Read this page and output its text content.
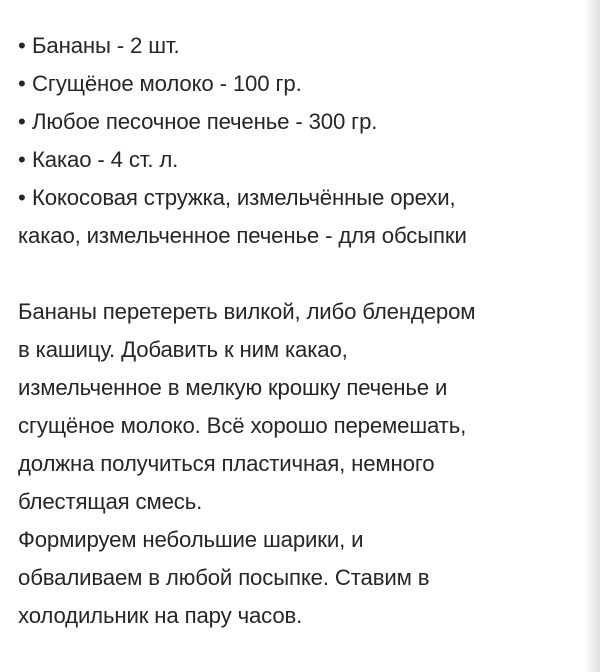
• Бананы - 2 шт.
• Сгущёное молоко - 100 гр.
• Любое песочное печенье - 300 гр.
• Какао - 4 ст. л.
• Кокосовая стружка, измельчённые орехи,
какао, измельченное печенье - для обсыпки
Бананы перетереть вилкой, либо блендером
в кашицу. Добавить к ним какао,
измельченное в мелкую крошку печенье и
сгущёное молоко. Всё хорошо перемешать,
должна получиться пластичная, немного
блестящая смесь.
Формируем небольшие шарики, и
обваливаем в любой посыпке. Ставим в
холодильник на пару часов.
